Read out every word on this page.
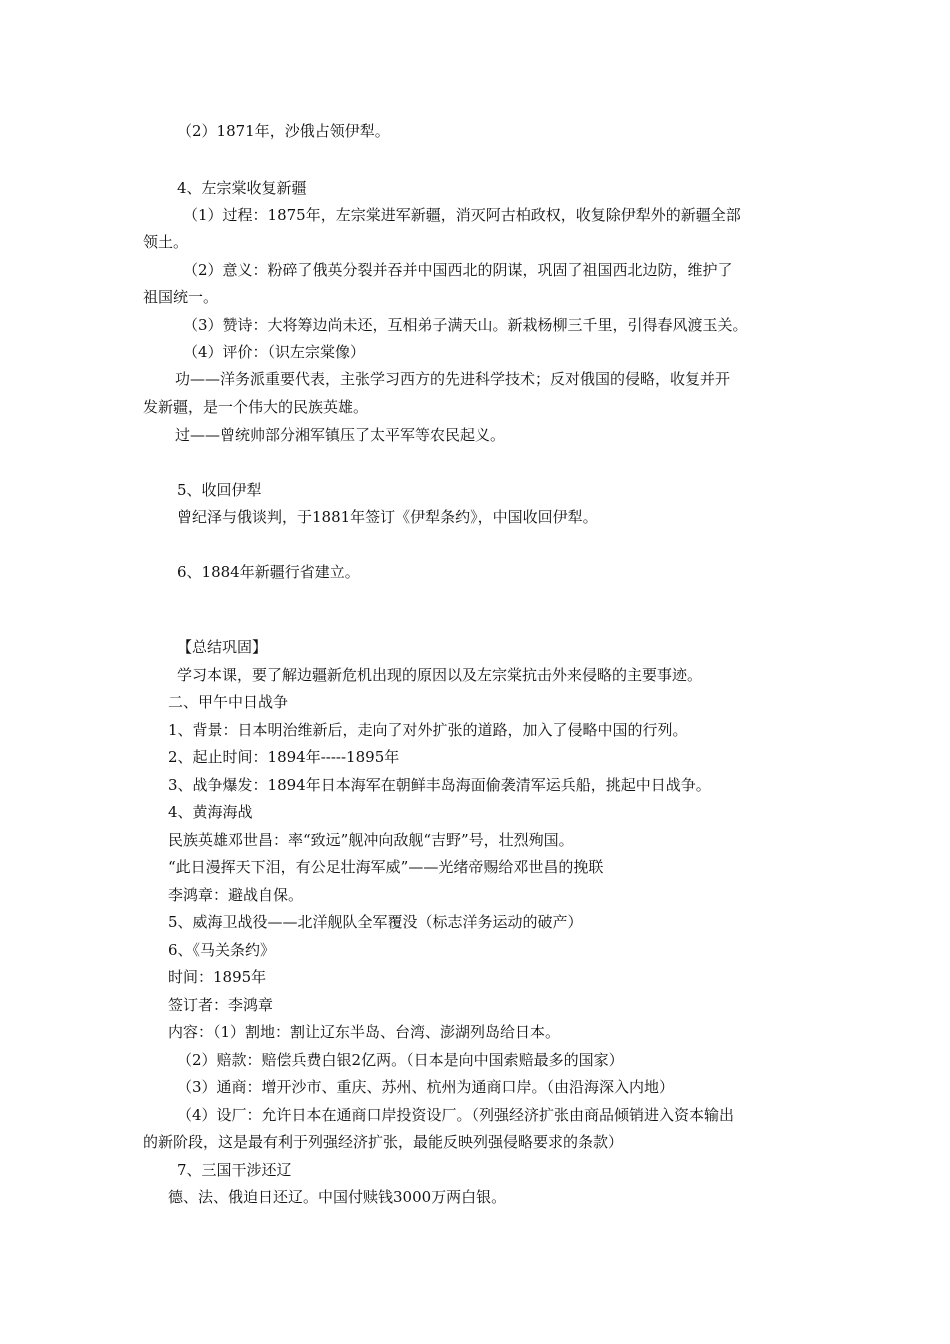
（2）1871年，沙俄占领伊犁。
4、左宗棠收复新疆
（1）过程：1875年，左宗棠进军新疆，消灭阿古柏政权，收复除伊犁外的新疆全部
领土。
（2）意义：粉碎了俄英分裂并吞并中国西北的阴谋，巩固了祖国西北边防，维护了
祖国统一。
（3）赞诗：大将筹边尚未还，互相弟子满天山。新栽杨柳三千里，引得春风渡玉关。
（4）评价：（识左宗棠像）
功——洋务派重要代表，主张学习西方的先进科学技术；反对俄国的侵略，收复并开
发新疆，是一个伟大的民族英雄。
过——曾统帅部分湘军镇压了太平军等农民起义。
5、收回伊犁
曾纪泽与俄谈判，于1881年签订《伊犁条约》，中国收回伊犁。
6、1884年新疆行省建立。
【总结巩固】
学习本课，要了解边疆新危机出现的原因以及左宗棠抗击外来侵略的主要事迹。
二、甲午中日战争
1、背景：日本明治维新后，走向了对外扩张的道路，加入了侵略中国的行列。
2、起止时间：1894年-----1895年
3、战争爆发：1894年日本海军在朝鲜丰岛海面偷袭清军运兵船，挑起中日战争。
4、黄海海战
民族英雄邓世昌：率“致远”舰冲向敌舰“吉野”号，壮烈殉国。
“此日漫挥天下泪，有公足壮海军威”——光绪帝赐给邓世昌的挽联
李鸿章：避战自保。
5、威海卫战役——北洋舰队全军覆没（标志洋务运动的破产）
6、《马关条约》
时间：1895年
签订者：李鸿章
内容：（1）割地：割让辽东半岛、台湾、澎湖列岛给日本。
（2）赔款：赔偿兵费白银2亿两。（日本是向中国索赔最多的国家）
（3）通商：增开沙市、重庆、苏州、杭州为通商口岸。（由沿海深入内地）
（4）设厂：允许日本在通商口岸投资设厂。（列强经济扩张由商品倾销进入资本输出
的新阶段，这是最有利于列强经济扩张，最能反映列强侵略要求的条款）
7、三国干涉还辽
德、法、俄迫日还辽。中国付赎钱3000万两白银。
